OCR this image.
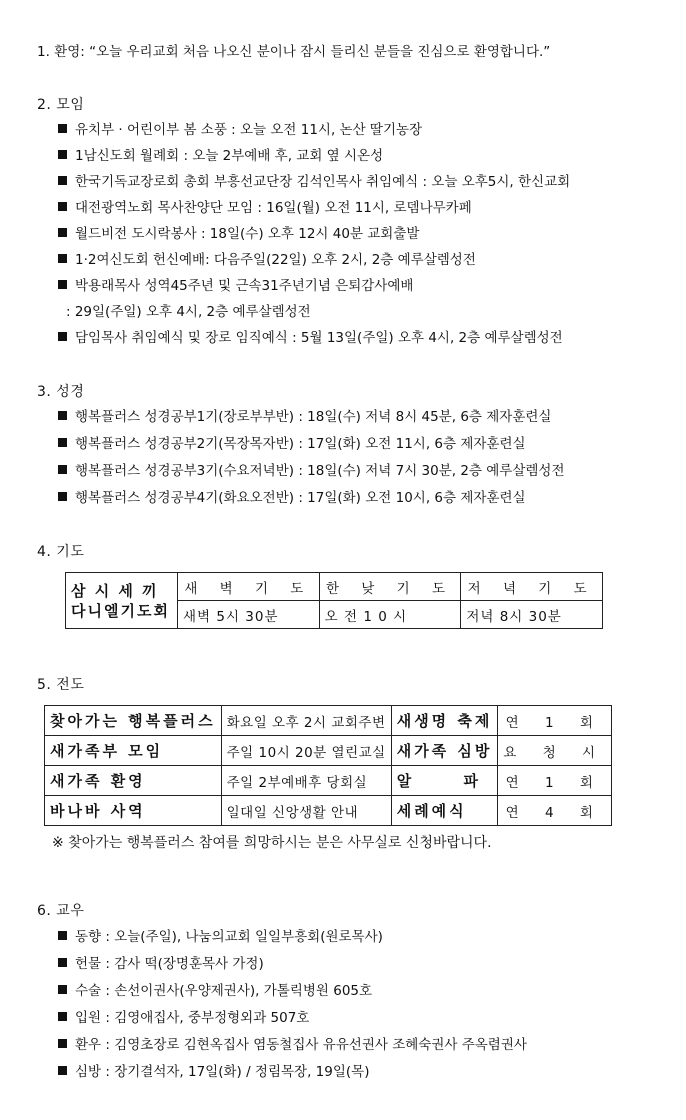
1. 환영: “오늘 우리교회 처음 나오신 분이나 잠시 들리신 분들을 진심으로 환영합니다.”
2. 모임
유치부 ‧ 어린이부 봄 소풍 : 오늘 오전 11시, 논산 딸기농장
1남신도회 월례회 : 오늘 2부예배 후, 교회 옆 시온성
한국기독교장로회 총회 부흥선교단장 김석인목사 취임예식 : 오늘 오후5시, 한신교회
대전광역노회 목사찬양단 모임 : 16일(월) 오전 11시, 로뎀나무카페
월드비전 도시락봉사 : 18일(수) 오후 12시 40분 교회출발
1‧2여신도회 헌신예배: 다음주일(22일) 오후 2시, 2층 예루살렘성전
박용래목사 성역45주년 및 근속31주년기념 은퇴감사예배
: 29일(주일) 오후 4시, 2층 예루살렘성전
담임목사 취임예식 및 장로 임직예식 : 5월 13일(주일) 오후 4시, 2층 예루살렘성전
3. 성경
행복플러스 성경공부1기(장로부부반) : 18일(수) 저녁 8시 45분, 6층 제자훈련실
행복플러스 성경공부2기(목장목자반) : 17일(화) 오전 11시, 6층 제자훈련실
행복플러스 성경공부3기(수요저녁반) : 18일(수) 저녁 7시 30분, 2층 예루살렘성전
행복플러스 성경공부4기(화요오전반) : 17일(화) 오전 10시, 6층 제자훈련실
4. 기도
삼 시 세 끼
다니엘기도회	새 벽 기 도	한 낮 기 도	저 녁 기 도
	새벽 5시 30분	오 전 1 0 시	저녁 8시 30분
5. 전도
찾아가는 행복플러스	화요일 오후 2시 교회주변	새생명 축제	연 1 회
새가족부 모임	주일 10시 20분 열린교실	새가족 심방	요 청 시
새가족 환영	주일 2부예배후 당회실	알      파	연 1 회
바나바 사역	일대일 신앙생활 안내	세례예식	연 4 회
※ 찾아가는 행복플러스 참여를 희망하시는 분은 사무실로 신청바랍니다.
6. 교우
동향 : 오늘(주일), 나눔의교회 일일부흥회(원로목사)
헌물 : 감사 떡(장명훈목사 가정)
수술 : 손선이권사(우양제권사), 가톨릭병원 605호
입원 : 김영애집사, 중부정형외과 507호
환우 : 김영초장로 김현옥집사 염동철집사 유유선권사 조혜숙권사 주옥렴권사
심방 : 장기결석자, 17일(화) / 정림목장, 19일(목)
